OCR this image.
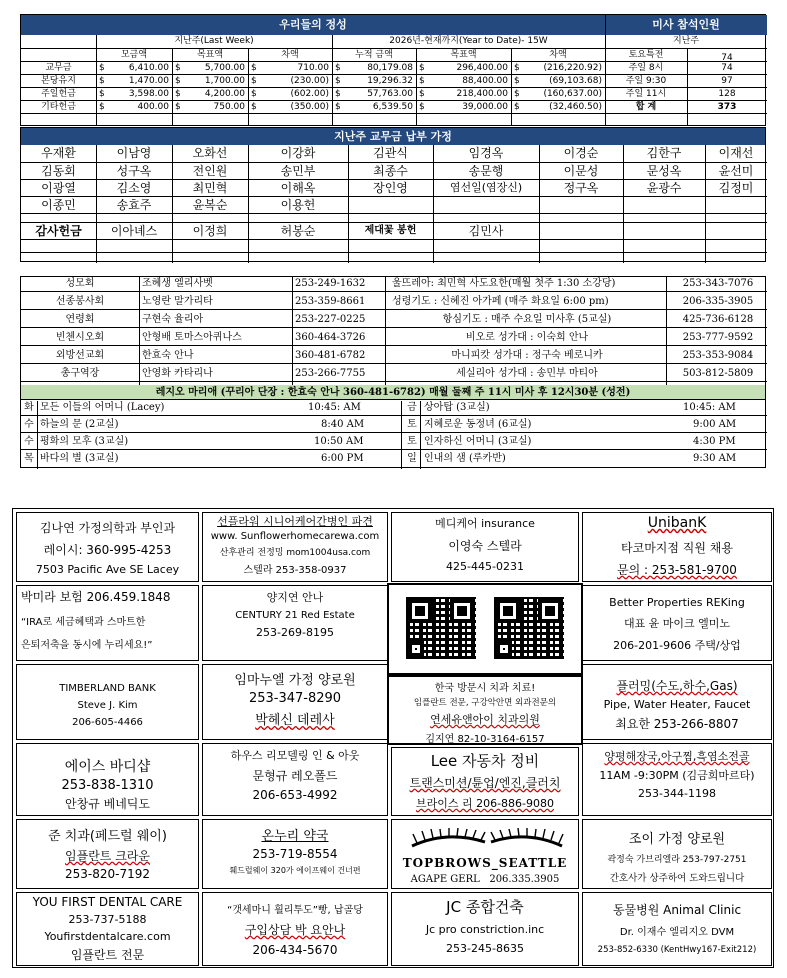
우리들의 정성	미사 참석인원
지난주(Last Week)	2026년-현재까지(Year to Date)- 15W	지난주
모금액	목표액	차액	누적 금액	목표액	차액	토요특전	74
교무금	$	6,410.00 $	5,700.00 $	710.00 $	80,179.08 $	296,400.00 $	(216,220.92)	주일 8시	74
본당유지	$	1,470.00 $	1,700.00 $	(230.00) $	19,296.32 $	88,400.00 $	(69,103.68)	주일 9:30	97
주일헌금	$	3,598.00 $	4,200.00 $	(602.00) $	57,763.00 $	218,400.00 $	(160,637.00)	주일 11시	128
기타헌금	$	400.00 $	750.00 $	(350.00) $	6,539.50 $	39,000.00 $	(32,460.50)	합 계	373
지난주 교무금 납부 가정
우재환	이남영	오화선	이강화	김관식	임경옥	이경순	김한구	이재선
김동회	성구옥	전인원	송민부	최종수	송문행	이문성	문성옥	윤선미
이광열	김소영	최민혁	이해옥	장인영	염선일(염장신)	정구옥	윤광수	김정미
이종민	송효주	윤복순	이용헌
감사헌금	이아녜스	이정희	허봉순	제대꽃 봉헌	김민사
성모회	조혜생 엘리사벳	253-249-1632	울뜨레아: 최민혁 사도요한(매월 첫주 1:30 소강당)	253-343-7076
선종봉사회	노영란 말가리타	253-359-8661	성령기도 : 신혜진 아가페 (매주 화요일 6:00 pm)	206-335-3905
연령회	구현숙 율리아	253-227-0225	항심기도 : 매주 수요일 미사후 (5교실)	425-736-6128
빈첸시오회	안형배 토마스아퀴나스	360-464-3726	비오로 성가대 : 이숙희 안나	253-777-9592
외방선교회	한효숙 안나	360-481-6782	마니피캇 성가대 : 정구숙 베로니카	253-353-9084
총구역장	안영화 카타리나	253-266-7755	세실리아 성가대 : 송민부 마티아	503-812-5809
레지오 마리애 (꾸리아 단장 : 한효숙 안나 360-481-6782) 매월 둘째 주 11시 미사 후 12시30분 (성전)
화 모든 이들의 어머니 (Lacey)	10:45: AM	금 상아탑 (3교실)	10:45: AM
수 하늘의 문 (2교실)	8:40 AM	토 지혜로운 동정녀 (6교실)	9:00 AM
수 평화의 모후 (3교실)	10:50 AM	토 인자하신 어머니 (3교실)	4:30 PM
목 바다의 별 (3교실)	6:00 PM	일 인내의 샘 (루카반)	9:30 AM
김나연 가정의학과 부인과
레이시: 360-995-4253
7503 Pacific Ave SE Lacey
선플라워 시니어케어간병인 파견
www. Sunflowerhomecarewa.com
산후관리 전정밍 mom1004usa.com
스텔라 253-358-0937
메디케어 insurance
이영숙 스텔라
425-445-0231
UnibanK
타코마지점 직원 채용
문의 : 253-581-9700
박미라 보험 206.459.1848
“IRA로 세금혜택과 스마트한
은퇴저축을 동시에 누리세요!”
양지연 안나
CENTURY 21 Red Estate
253-269-8195
Better Properties REKing
대표 윤 마이크 엘미노
206-201-9606 주택/상업
TIMBERLAND BANK
Steve J. Kim
206-605-4466
임마누엘 가정 양로원
253-347-8290
박헤신 데레사
한국 방문시 치과 치료!
임플란트 전문, 구강악안면 외과전문의
연세유앤아이 치과의원
김지연 82-10-3164-6157
플러밍(수도,하수,Gas)
Pipe, Water Heater, Faucet
최요한 253-266-8807
에이스 바디샵
253-838-1310
안창규 베네딕도
하우스 리모델링 인 & 아웃
문형규 레오폴드
206-653-4992
Lee 자동차 정비
트랜스미션/튠업/엔진,클러치
브라이스 리 206-886-9080
양평해장국,아구찜,흑염소전골
11AM -9:30PM (김금희마르타)
253-344-1198
준 치과(페드럴 웨이)
임플란트 크라운
253-820-7192
온누리 약국
253-719-8554
훼드럴웨이 320가 에이프웨이 건너편
TOPBROWS_SEATTLE
AGAPE GERL 206.335.3905
조이 가정 양로원
곽정숙 가브리엘라 253-797-2751
간호사가 상주하여 도와드립니다
YOU FIRST DENTAL CARE
253-737-5188
Youfirstdentalcare.com
임플란트 전문
“갯세마니 휠리투도”빵, 납골당
구입상담 박 요안나
206-434-5670
JC 종합건축
Jc pro constriction.inc
253-245-8635
동물병원 Animal Clinic
Dr. 이재수 엘리지오 DVM
253-852-6330 (KentHwy167-Exit212)
